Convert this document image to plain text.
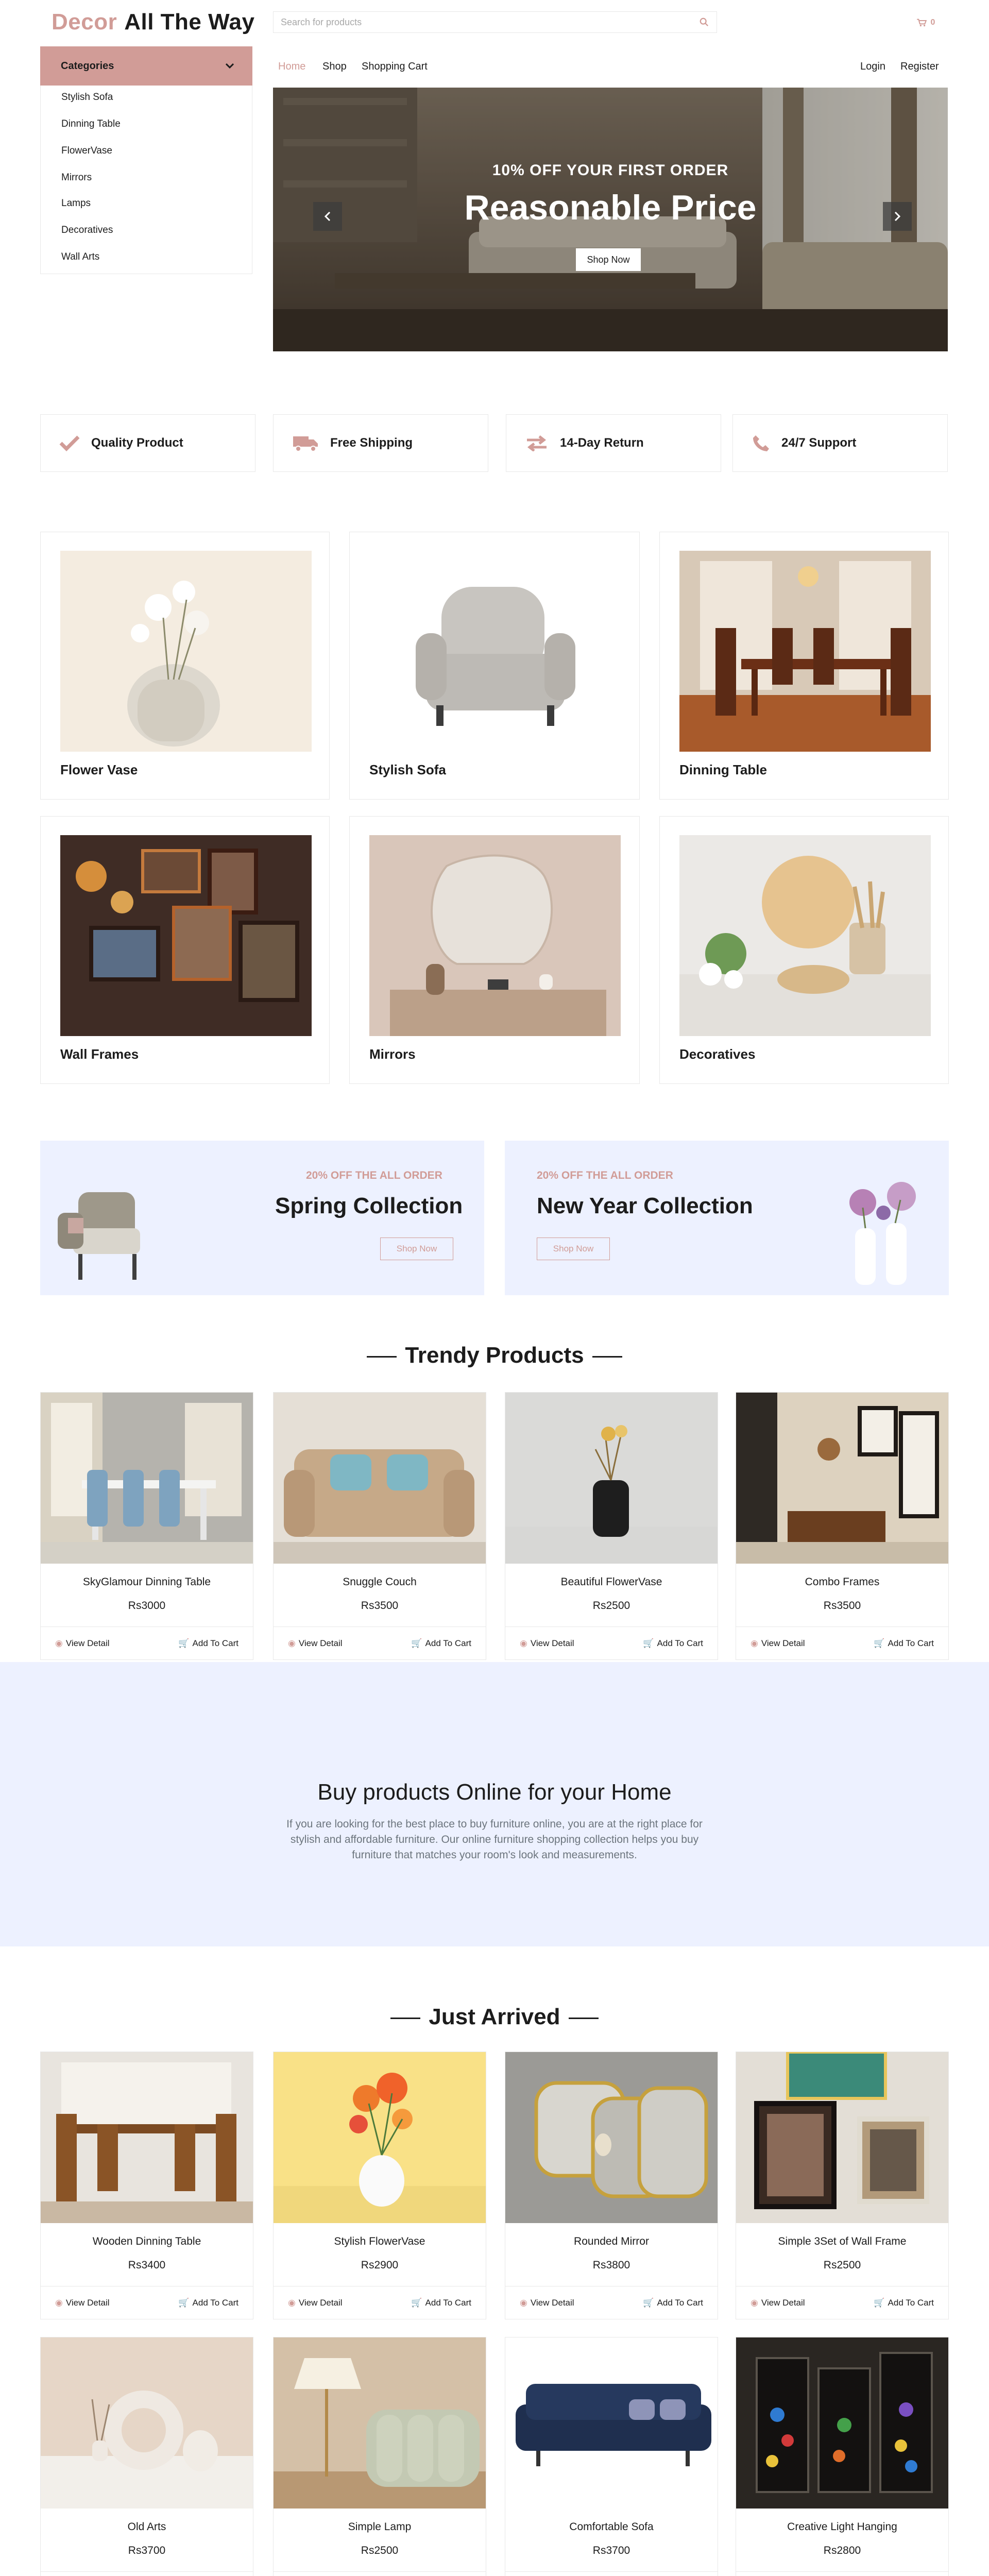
Decor All The Way	Search for products	0
Categories
Stylish Sofa
Dinning Table
FlowerVase
Mirrors
Lamps
Decoratives
Wall Arts
Home Shop Shopping Cart	Login Register
10% OFF YOUR FIRST ORDER
Reasonable Price
Shop Now
Quality Product	Free Shipping	14-Day Return	24/7 Support
Flower Vase	Stylish Sofa	Dinning Table
Wall Frames	Mirrors	Decoratives
20% OFF THE ALL ORDER
Spring Collection
Shop Now
20% OFF THE ALL ORDER
New Year Collection
Shop Now
Trendy Products
SkyGlamour Dinning Table
Rs3000
◉ View Detail	🛒 Add To Cart
Snuggle Couch
Rs3500
◉ View Detail	🛒 Add To Cart
Beautiful FlowerVase
Rs2500
◉ View Detail	🛒 Add To Cart
Combo Frames
Rs3500
◉ View Detail	🛒 Add To Cart
Buy products Online for your Home

If you are looking for the best place to buy furniture online, you are at the right place for stylish and affordable furniture. Our online furniture shopping collection helps you buy furniture that matches your room's look and measurements.

Just Arrived
Wooden Dinning Table
Rs3400
◉ View Detail	🛒 Add To Cart
Stylish FlowerVase
Rs2900
◉ View Detail	🛒 Add To Cart
Rounded Mirror
Rs3800
◉ View Detail	🛒 Add To Cart
Simple 3Set of Wall Frame
Rs2500
◉ View Detail	🛒 Add To Cart
Old Arts
Rs3700
Simple Lamp
Rs2500
Comfortable Sofa
Rs3700
Creative Light Hanging
Rs2800
